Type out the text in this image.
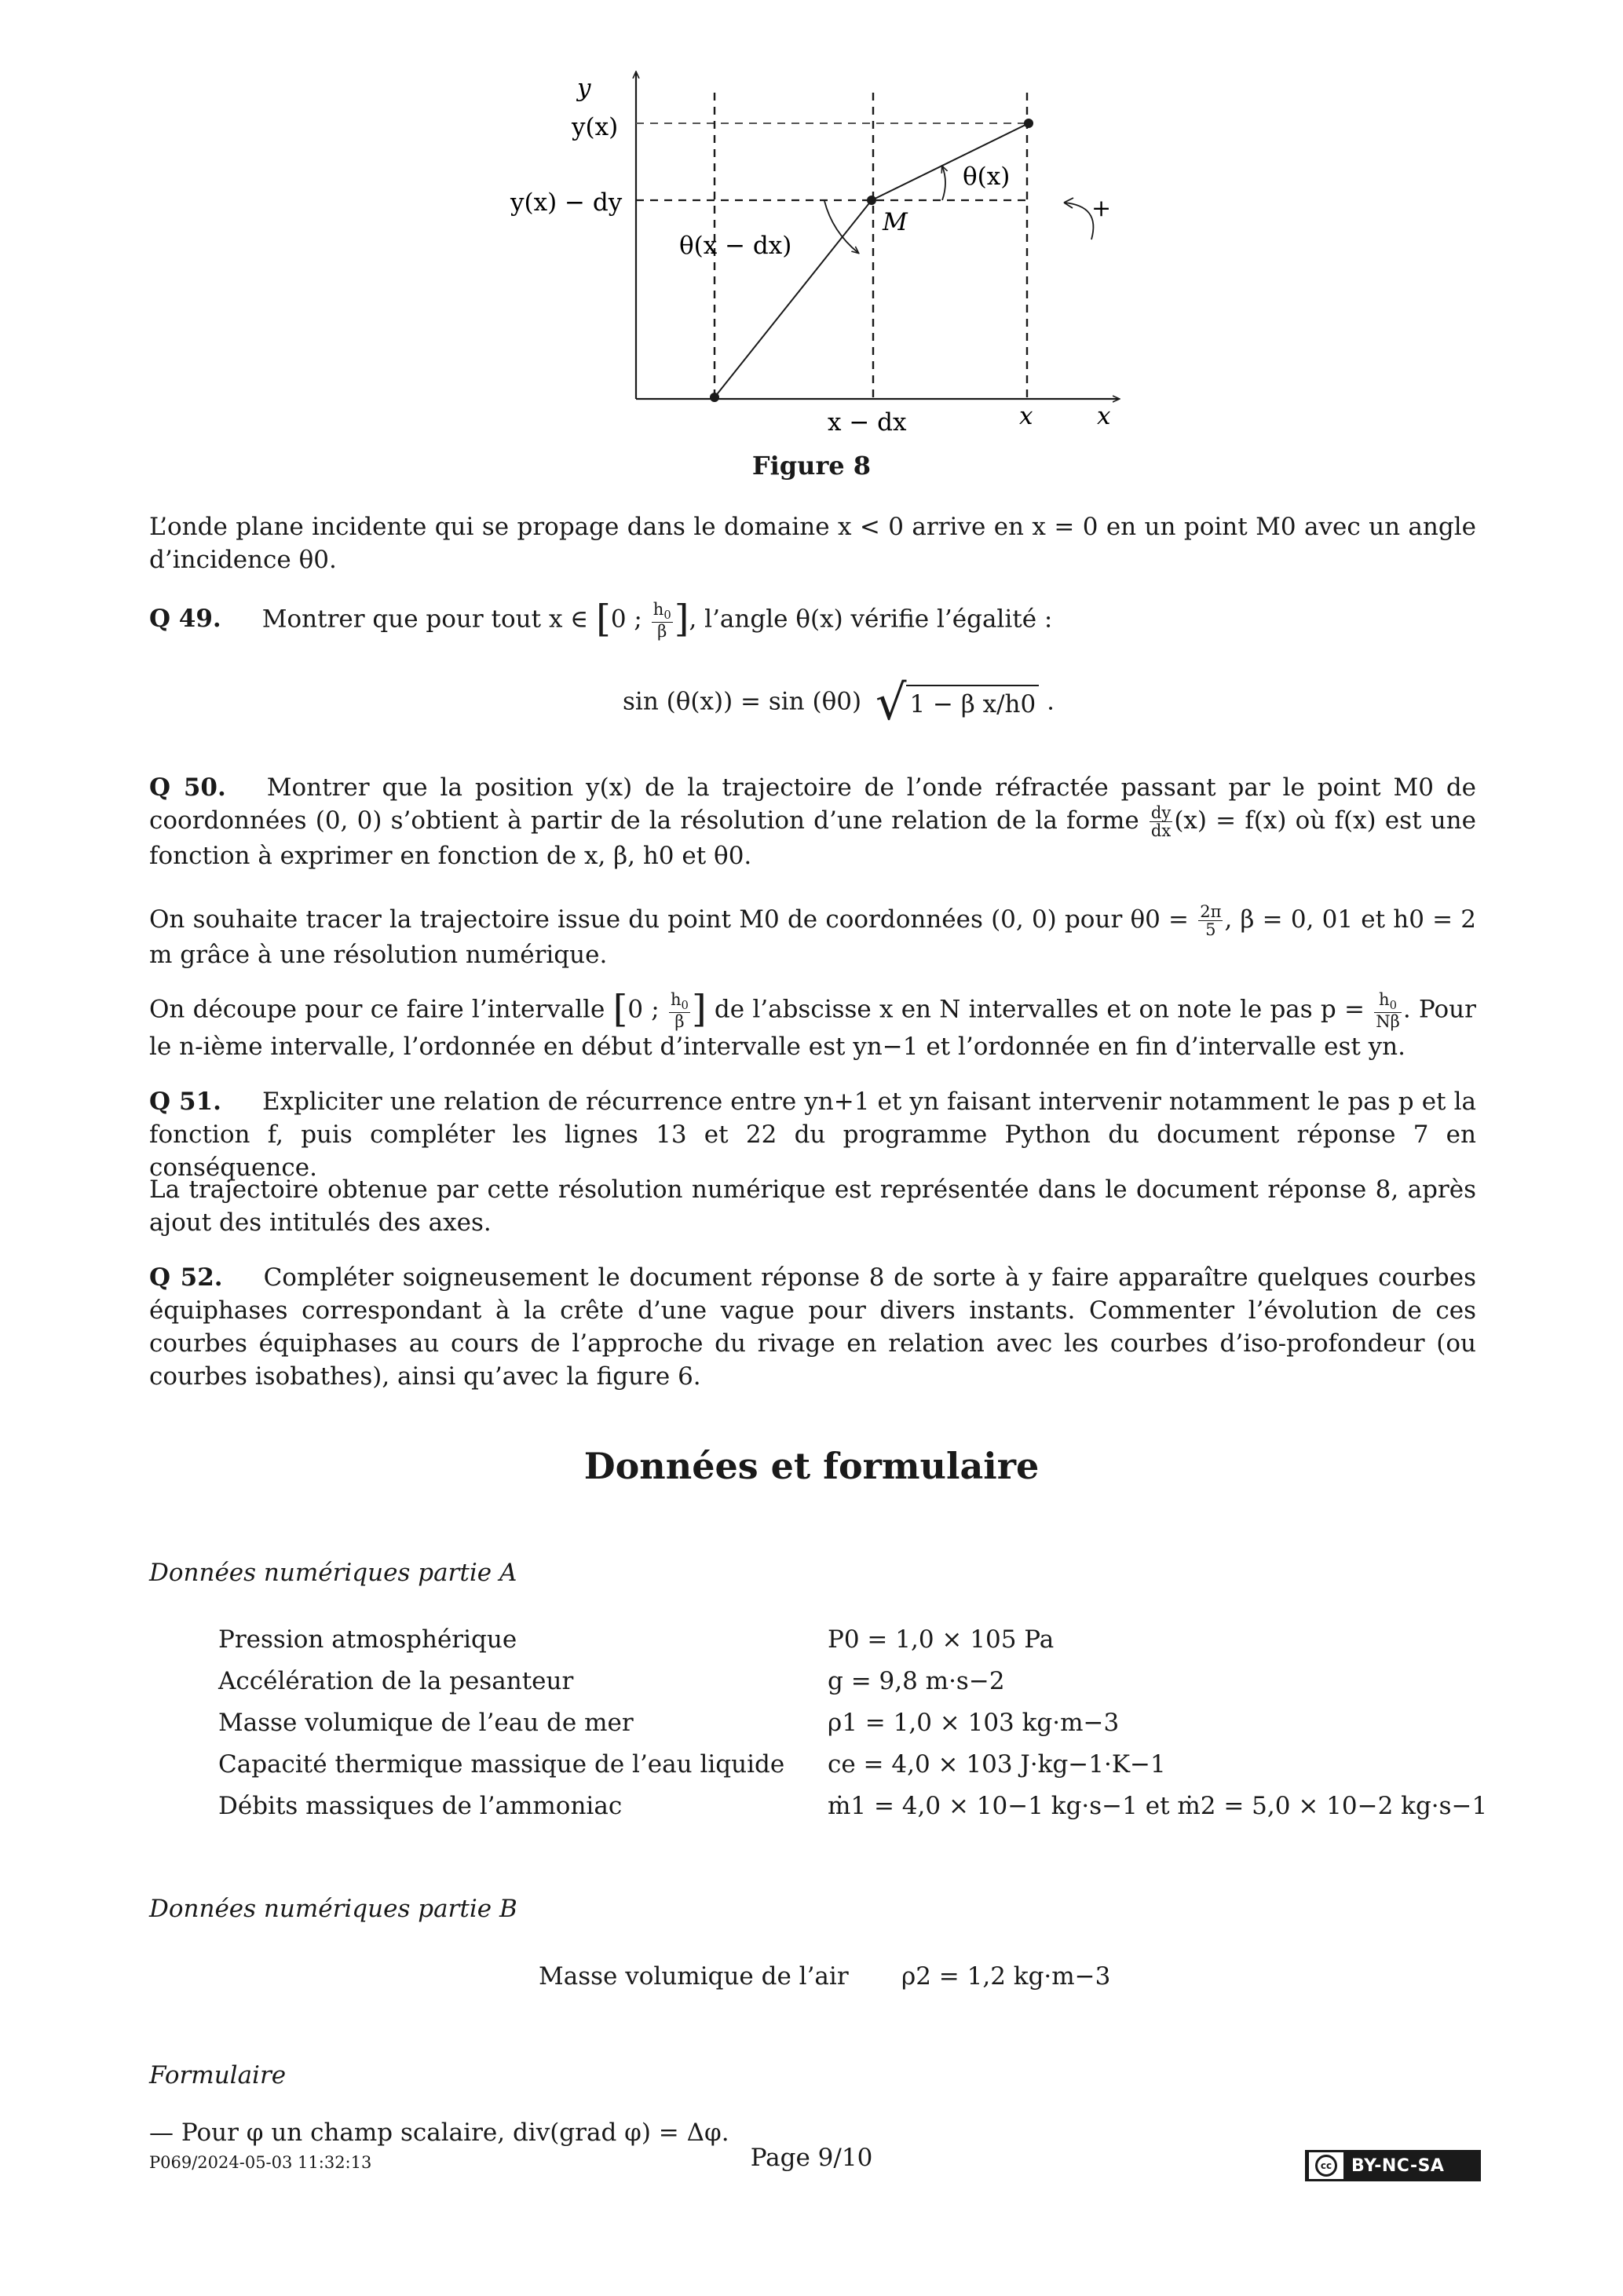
y
y(x)
y(x) − dy
θ(x)
θ(x − dx)
M
x − dx	x	x
+
Figure 8

L’onde plane incidente qui se propage dans le domaine x < 0 arrive en x = 0 en un point M0 avec un angle d’incidence θ0.

Q 49. Montrer que pour tout x ∈ [0 ; $\frac{h_0}{\beta}$ ], l’angle θ(x) vérifie l’égalité :

sin (θ(x)) = sin (θ0) √ 1 − β x/h0 .

Q 50. Montrer que la position y(x) de la trajectoire de l’onde réfractée passant par le point M0 de coordonnées (0, 0) s’obtient à partir de la résolution d’une relation de la forme $\frac{dy}{dx} (x) = f(x)$ où f(x) est une fonction à exprimer en fonction de x, β, h0 et θ0.

On souhaite tracer la trajectoire issue du point M0 de coordonnées (0, 0) pour $\theta 0 = \frac{2\pi}{5}$ , β = 0, 01 et h0 = 2 m grâce à une résolution numérique.

On découpe pour ce faire l’intervalle [0 ; $\frac{h_0}{\beta}$ ] de l’abscisse x en N intervalles et on note le pas $p = \frac{h_0}{N\beta}$ . Pour le n-ième intervalle, l’ordonnée en début d’intervalle est yn−1 et l’ordonnée en fin d’intervalle est yn.

Q 51. Expliciter une relation de récurrence entre yn+1 et yn faisant intervenir notamment le pas p et la fonction f, puis compléter les lignes 13 et 22 du programme Python du document réponse 7 en conséquence.

La trajectoire obtenue par cette résolution numérique est représentée dans le document réponse 8, après ajout des intitulés des axes.

Q 52. Compléter soigneusement le document réponse 8 de sorte à y faire apparaître quelques courbes équiphases correspondant à la crête d’une vague pour divers instants. Commenter l’évolution de ces courbes équiphases au cours de l’approche du rivage en relation avec les courbes d’iso-profondeur (ou courbes isobathes), ainsi qu’avec la figure 6.

Données et formulaire
Données numériques partie A
Pression atmosphérique	P0 = 1,0 × 105 Pa
Accélération de la pesanteur	g = 9,8 m·s−2
Masse volumique de l’eau de mer	ρ1 = 1,0 × 103 kg·m−3
Capacité thermique massique de l’eau liquide ce = 4,0 × 103 J·kg−1·K−1
Débits massiques de l’ammoniac	ṁ1 = 4,0 × 10−1 kg·s−1 et ṁ2 = 5,0 × 10−2 kg·s−1
Données numériques partie B
Masse volumique de l’air ρ2 = 1,2 kg·m−3
Formulaire
— Pour φ un champ scalaire, div(grad φ) = Δφ.
P069/2024-05-03 11:32:13	Page 9/10	cc	BY-NC-SA
